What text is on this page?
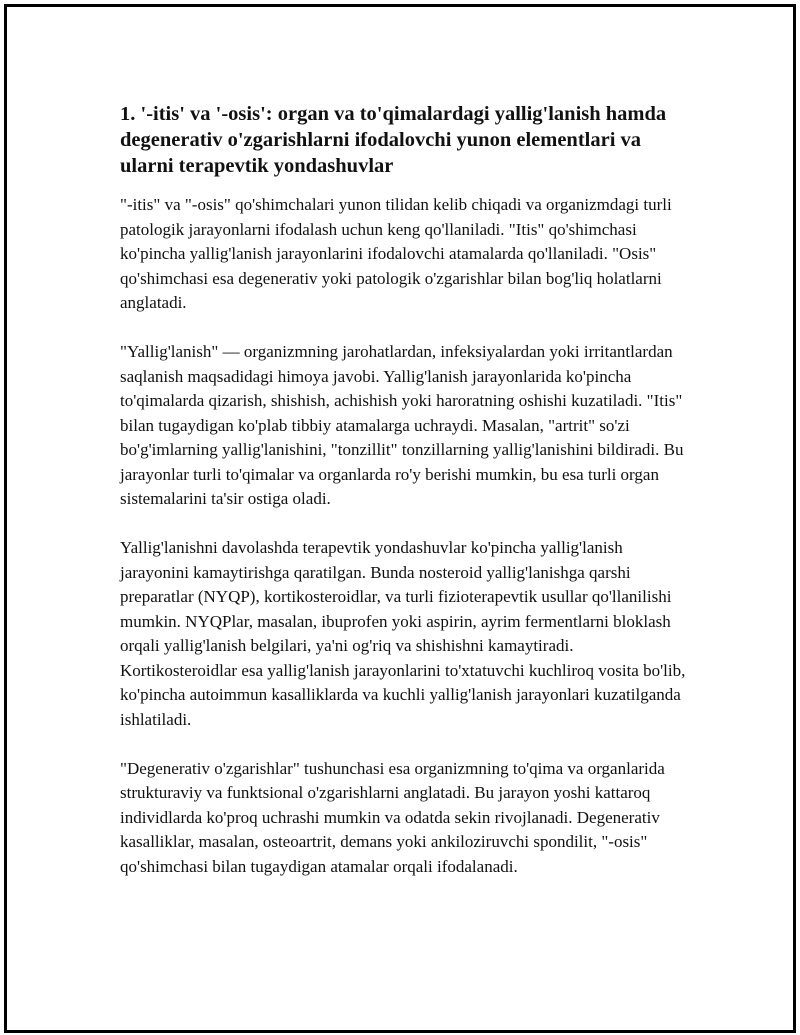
1. '-itis' va '-osis': organ va to'qimalardagi yallig'lanish hamda degenerativ o'zgarishlarni ifodalovchi yunon elementlari va ularni terapevtik yondashuvlar

"-itis" va "-osis" qo'shimchalari yunon tilidan kelib chiqadi va organizmdagi turli patologik jarayonlarni ifodalash uchun keng qo'llaniladi. "Itis" qo'shimchasi ko'pincha yallig'lanish jarayonlarini ifodalovchi atamalarda qo'llaniladi. "Osis" qo'shimchasi esa degenerativ yoki patologik o'zgarishlar bilan bog'liq holatlarni anglatadi.

"Yallig'lanish" — organizmning jarohatlardan, infeksiyalardan yoki irritantlardan saqlanish maqsadidagi himoya javobi. Yallig'lanish jarayonlarida ko'pincha to'qimalarda qizarish, shishish, achishish yoki haroratning oshishi kuzatiladi. "Itis" bilan tugaydigan ko'plab tibbiy atamalarga uchraydi. Masalan, "artrit" so'zi bo'g'imlarning yallig'lanishini, "tonzillit" tonzillarning yallig'lanishini bildiradi. Bu jarayonlar turli to'qimalar va organlarda ro'y berishi mumkin, bu esa turli organ sistemalarini ta'sir ostiga oladi.

Yallig'lanishni davolashda terapevtik yondashuvlar ko'pincha yallig'lanish jarayonini kamaytirishga qaratilgan. Bunda nosteroid yallig'lanishga qarshi preparatlar (NYQP), kortikosteroidlar, va turli fizioterapevtik usullar qo'llanilishi mumkin. NYQPlar, masalan, ibuprofen yoki aspirin, ayrim fermentlarni bloklash orqali yallig'lanish belgilari, ya'ni og'riq va shishishni kamaytiradi. Kortikosteroidlar esa yallig'lanish jarayonlarini to'xtatuvchi kuchliroq vosita bo'lib, ko'pincha autoimmun kasalliklarda va kuchli yallig'lanish jarayonlari kuzatilganda ishlatiladi.

"Degenerativ o'zgarishlar" tushunchasi esa organizmning to'qima va organlarida strukturaviy va funktsional o'zgarishlarni anglatadi. Bu jarayon yoshi kattaroq individlarda ko'proq uchrashi mumkin va odatda sekin rivojlanadi. Degenerativ kasalliklar, masalan, osteoartrit, demans yoki ankiloziruvchi spondilit, "-osis" qo'shimchasi bilan tugaydigan atamalar orqali ifodalanadi.
